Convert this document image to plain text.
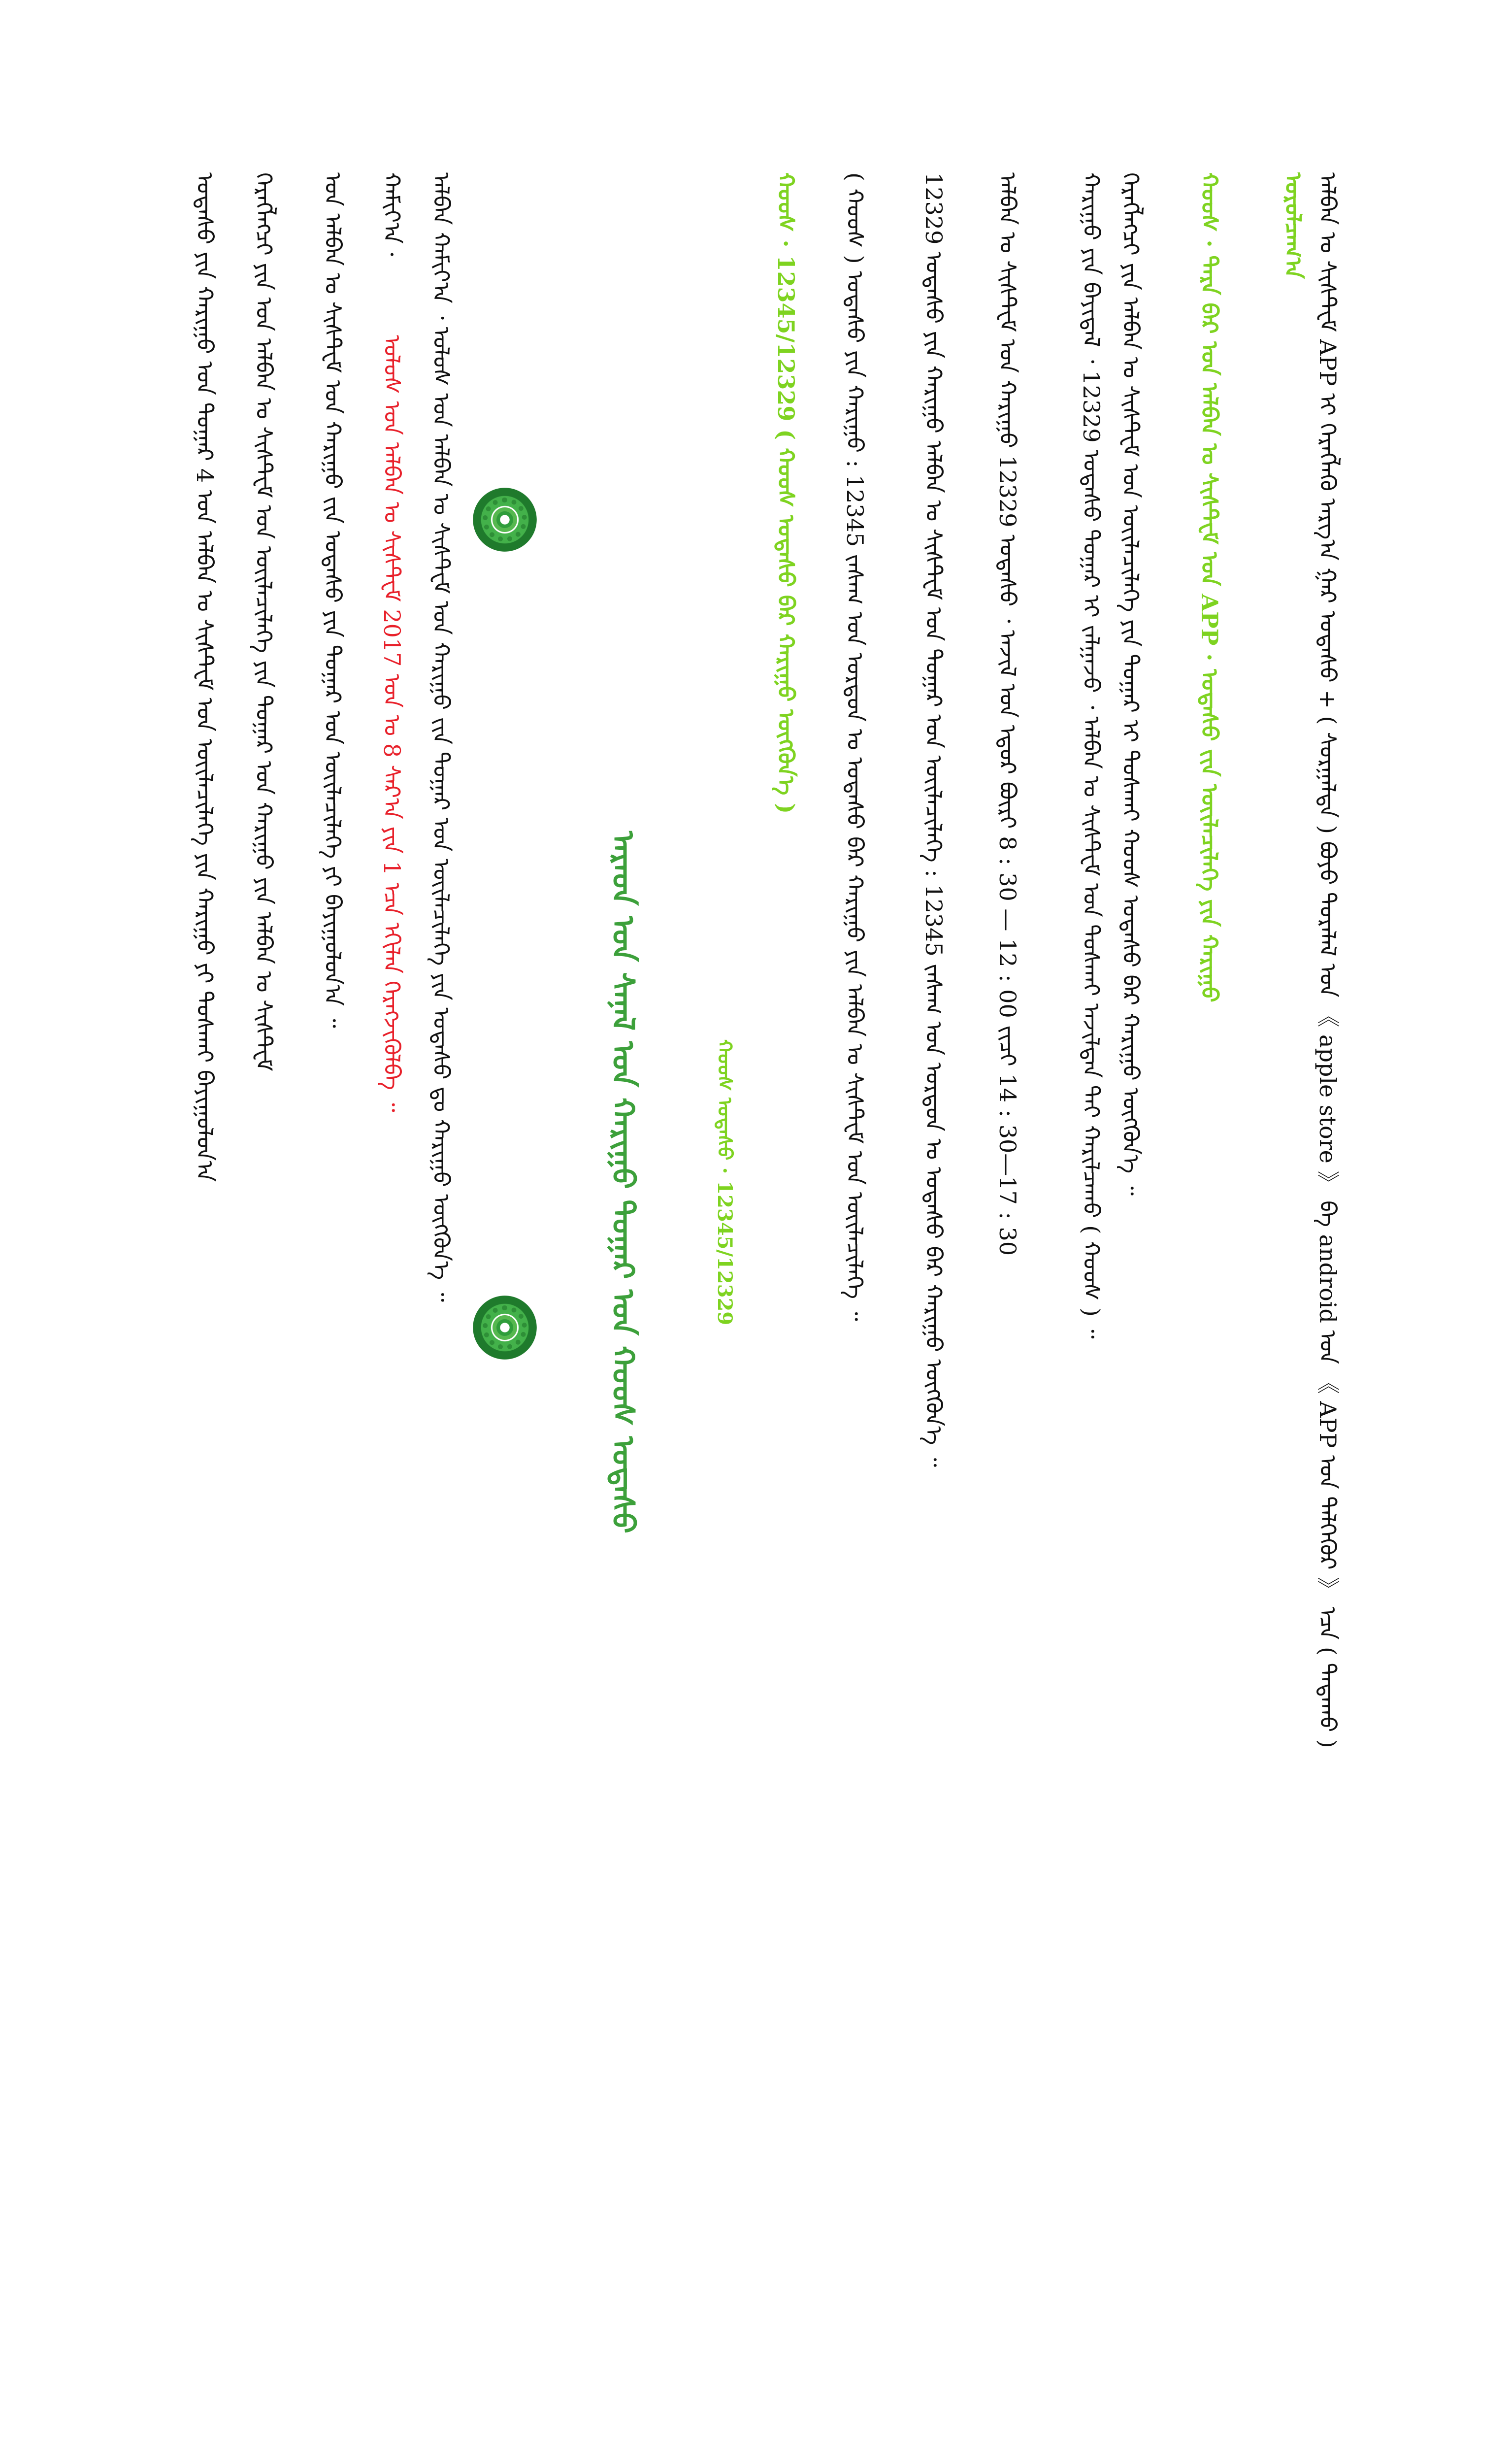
ᠠᠯᠪᠠᠨ ᠤ ᠰᠢᠰᠲ᠋ᠧᠮ APP ᠢ ᠬᠡᠷᠡᠭᠯᠡᠬᠦ ᠠᠷᠭ᠎ᠠ ᠭᠠᠷ ᠤᠲᠠᠰᠤ + ( ᠰᠤᠷᠭᠠᠯᠲᠠ ) ᠪᠤᠶᠤ ᠳᠤᠷᠠᠯᠠᠯ ᠤᠨ 《 apple store 》 ᠪᠠ android ᠤᠨ 《 APP ᠤᠨ ᠳᠡᠯᠭᠡᠭᠦᠷ 》 ᠡᠴᠡ ( ᠲᠠᠲᠠᠬᠤ )
ᠣᠷᠣᠯᠴᠠᠭ᠎ᠠ
ᠬᠤᠤᠰ · ᠲᠡᠷᠡ ᠪᠡᠷ ᠤᠨ ᠠᠯᠪᠠᠨ ᠤ ᠰᠢᠰᠲ᠋ᠧᠮ ᠤᠨ APP · ᠤᠲᠠᠰᠤ ᠵᠢᠨ ᠦᠢᠯᠡᠴᠢᠯᠡᠭᠡ ᠶᠢᠨ ᠬᠠᠷᠢᠭᠤ
ᠬᠡᠷᠡᠭᠯᠡᠭᠴᠢ ᠶᠢᠨ ᠠᠯᠪᠠᠨ ᠤ ᠰᠢᠰᠲ᠋ᠧᠮ ᠤᠨ ᠦᠢᠯᠡᠴᠢᠯᠡᠭᠡ ᠶᠢᠨ ᠳᠤᠭᠠᠷ ᠢ ᠲᠤᠰᠬᠠᠢ ᠬᠤᠤᠰ ᠤᠲᠠᠰᠤ ᠪᠠᠷ ᠬᠠᠷᠢᠭᠤ ᠦᠭᠭᠦᠨ᠎ᠡ ᠃
ᠬᠠᠷᠢᠭᠤ ᠶᠢᠨ ᠪᠠᠶᠢᠳᠠᠯ ᠂ 12329 ᠤᠲᠠᠰᠤ ᠳᠤᠭᠠᠷ ᠢ ᠵᠠᠯᠭᠠᠵᠤ ᠂ ᠠᠯᠪᠠᠨ ᠤ ᠰᠢᠰᠲ᠋ᠧᠮ ᠤᠨ ᠳᠤᠰᠬᠠᠢ ᠠᠵᠢᠯᠲᠠᠨ ᠲᠠᠢ ᠬᠠᠷᠢᠯᠴᠠᠬᠤ ( ᠬᠤᠤᠰ ) ᠃
ᠠᠯᠪᠠᠨ ᠤ ᠰᠢᠰᠲ᠋ᠧᠮ ᠤᠨ ᠬᠠᠷᠢᠭᠤ 12329 ᠤᠲᠠᠰᠤ ᠂ ᠠᠵᠢᠯ ᠤᠨ ᠡᠳᠦᠷ ᠪᠦᠷᠢ 8 : 30 — 12 : 00 ᠵᠢᠴᠢ 14 : 30—17 : 30
12329 ᠤᠲᠠᠰᠤ ᠶᠢᠨ ᠬᠠᠷᠢᠭᠤ ᠠᠯᠪᠠᠨ ᠤ ᠰᠢᠰᠲ᠋ᠧᠮ ᠤᠨ ᠳᠤᠭᠠᠷ ᠤᠨ ᠦᠢᠯᠡᠴᠢᠯᠡᠭᠡ : 12345 ᠵᠠᠰᠠᠭ ᠤᠨ ᠣᠷᠳᠤᠨ ᠤ ᠤᠲᠠᠰᠤ ᠪᠡᠷ ᠬᠠᠷᠢᠭᠤ ᠦᠭᠭᠦᠨ᠎ᠡ ᠃
( ᠬᠤᠤᠰ ) ᠤᠲᠠᠰᠤ ᠶᠢᠨ ᠬᠠᠷᠢᠭᠤ : 12345 ᠵᠠᠰᠠᠭ ᠤᠨ ᠣᠷᠳᠤᠨ ᠤ ᠤᠲᠠᠰᠤ ᠪᠡᠷ ᠬᠠᠷᠢᠭᠤ ᠶᠢᠨ ᠠᠯᠪᠠᠨ ᠤ ᠰᠢᠰᠲ᠋ᠧᠮ ᠤᠨ ᠦᠢᠯᠡᠴᠢᠯᠡᠭᠡ ᠃
ᠬᠤᠤᠰ · 12345/12329 ( ᠬᠤᠤᠰ ᠤᠲᠠᠰᠤ ᠪᠡᠷ ᠬᠠᠷᠢᠭᠤ ᠦᠭᠭᠦᠨ᠎ᠡ )
ᠬᠤᠤᠰ ᠤᠲᠠᠰᠤ · 12345/12329
ᠠᠷᠠᠳ ᠤᠨ ᠰᠠᠨᠠᠯ ᠤᠨ ᠬᠠᠷᠢᠭᠤ ᠳᠤᠭᠠᠷ ᠤᠨ ᠬᠤᠤᠰ ᠤᠲᠠᠰᠤ
ᠠᠯᠪᠠᠨ ᠬᠠᠮᠢᠶ᠎ᠠ ᠂ ᠤᠯᠤᠰ ᠤᠨ ᠠᠯᠪᠠᠨ ᠤ ᠰᠢᠰᠲ᠋ᠧᠮ ᠤᠨ ᠬᠠᠷᠢᠭᠤ ᠵᠢᠨ ᠳᠤᠭᠠᠷ ᠤᠨ ᠦᠢᠯᠡᠴᠢᠯᠡᠭᠡ ᠶᠢᠨ ᠤᠲᠠᠰᠤ ᠳᠤ ᠬᠠᠷᠢᠭᠤ ᠦᠭᠭᠦᠨ᠎ᠡ ᠃
ᠬᠠᠮᠢᠶ᠎ᠠ ·
ᠤᠯᠤᠰ ᠤᠨ ᠠᠯᠪᠠᠨ ᠤ ᠰᠢᠰᠲ᠋ᠧᠮ 2017 ᠤᠨ ᠤ 8 ᠰᠠᠷ᠎ᠠ ᠶᠢᠨ 1 ᠡᠴᠡ ᠡᠬᠢᠯᠡᠨ ᠬᠡᠷᠡᠭᠵᠢᠭᠦᠯᠪᠡ ᠃
ᠤᠨ ᠠᠯᠪᠠᠨ ᠤ ᠰᠢᠰᠲ᠋ᠧᠮ ᠤᠨ ᠬᠠᠷᠢᠭᠤ ᠵᠢᠨ ᠤᠲᠠᠰᠤ ᠶᠢᠨ ᠳᠤᠭᠠᠷ ᠤᠨ ᠦᠢᠯᠡᠴᠢᠯᠡᠭᠡ ᠶᠢ ᠪᠠᠶᠢᠭᠤᠯᠤᠨ᠎ᠠ ᠃
ᠬᠡᠷᠡᠭᠯᠡᠭᠴᠢ ᠶᠢᠨ ᠤᠨ ᠠᠯᠪᠠᠨ ᠤ ᠰᠢᠰᠲ᠋ᠧᠮ ᠤᠨ ᠦᠢᠯᠡᠴᠢᠯᠡᠭᠡ ᠶᠢᠨ ᠳᠤᠭᠠᠷ ᠤᠨ ᠬᠠᠷᠢᠭᠤ ᠶᠢᠨ ᠠᠯᠪᠠᠨ ᠤ ᠰᠢᠰᠲ᠋ᠧᠮ
ᠤᠲᠠᠰᠤ ᠶᠢᠨ ᠬᠠᠷᠢᠭᠤ ᠤᠨ ᠳᠤᠭᠠᠷ 4 ᠤᠨ ᠠᠯᠪᠠᠨ ᠤ ᠰᠢᠰᠲ᠋ᠧᠮ ᠤᠨ ᠦᠢᠯᠡᠴᠢᠯᠡᠭᠡ ᠶᠢᠨ ᠬᠠᠷᠢᠭᠤ ᠶᠢ ᠲᠤᠰᠬᠠᠢ ᠪᠠᠶᠢᠭᠤᠯᠤᠨ᠎ᠠ
